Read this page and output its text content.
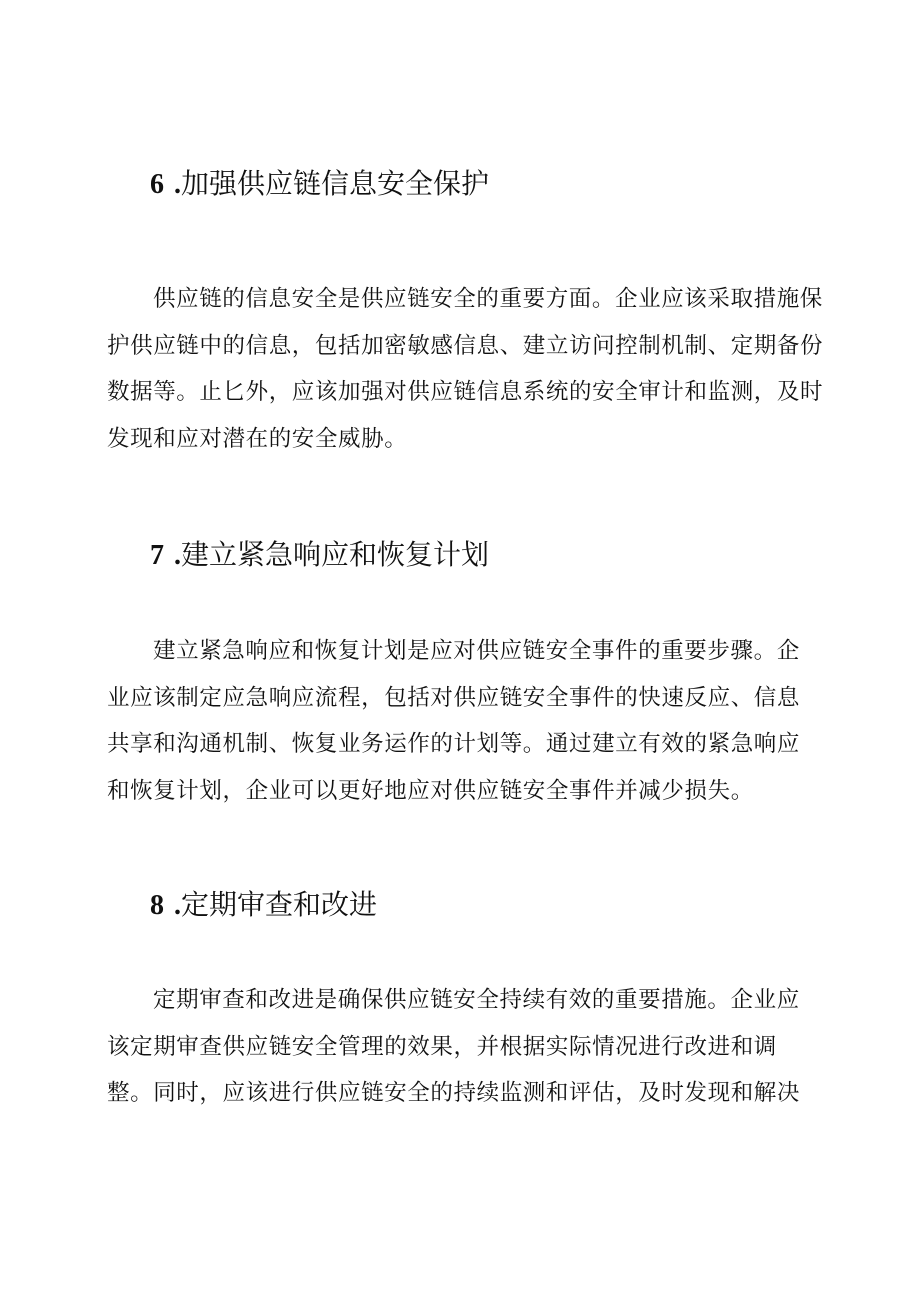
6 .加强供应链信息安全保护
供应链的信息安全是供应链安全的重要方面。企业应该采取措施保
护供应链中的信息，包括加密敏感信息、建立访问控制机制、定期备份
数据等。止匕外，应该加强对供应链信息系统的安全审计和监测，及时
发现和应对潜在的安全威胁。
7 .建立紧急响应和恢复计划
建立紧急响应和恢复计划是应对供应链安全事件的重要步骤。企
业应该制定应急响应流程，包括对供应链安全事件的快速反应、信息
共享和沟通机制、恢复业务运作的计划等。通过建立有效的紧急响应
和恢复计划，企业可以更好地应对供应链安全事件并减少损失。
8 .定期审查和改进
定期审查和改进是确保供应链安全持续有效的重要措施。企业应
该定期审查供应链安全管理的效果，并根据实际情况进行改进和调
整。同时，应该进行供应链安全的持续监测和评估，及时发现和解决
